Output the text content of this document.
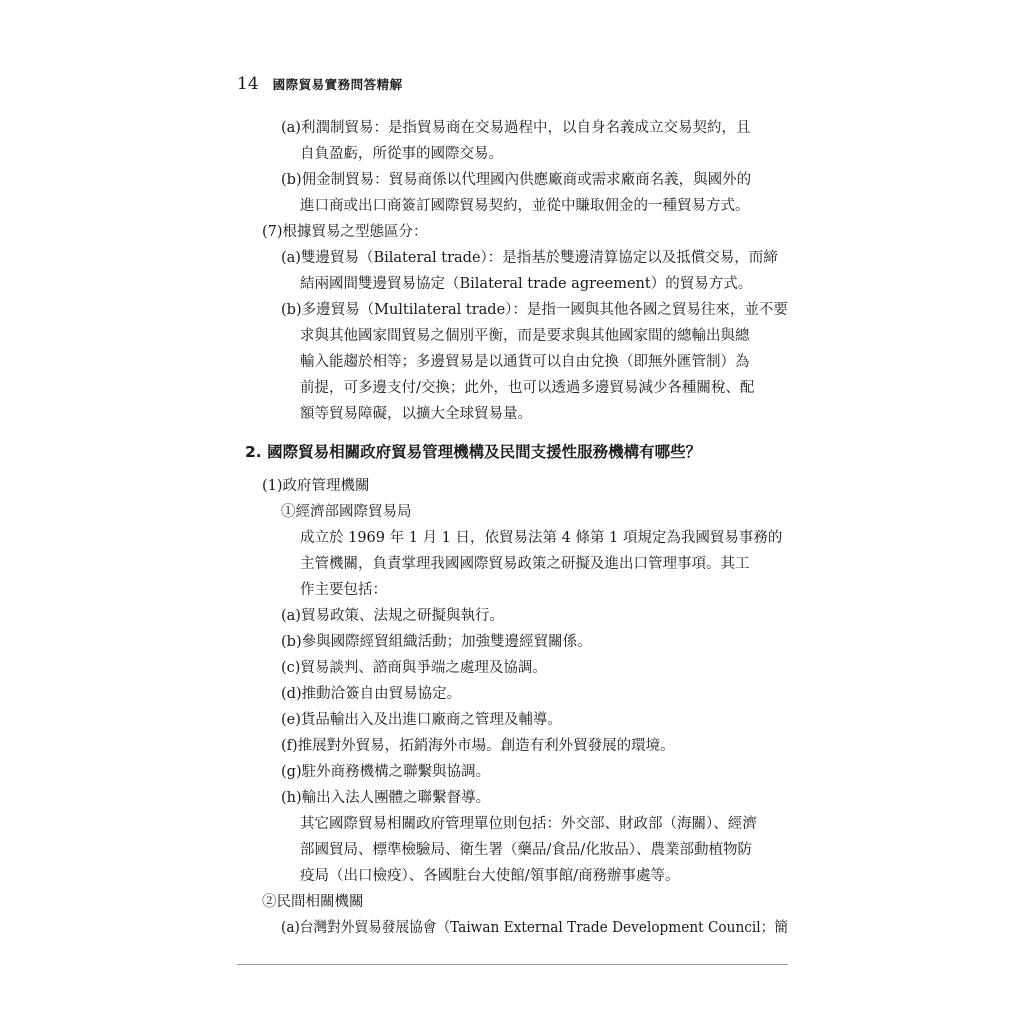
14 國際貿易實務問答精解
(a)利潤制貿易：是指貿易商在交易過程中，以自身名義成立交易契約，且
自負盈虧，所從事的國際交易。
(b)佣金制貿易：貿易商係以代理國內供應廠商或需求廠商名義，與國外的
進口商或出口商簽訂國際貿易契約，並從中賺取佣金的一種貿易方式。
(7)根據貿易之型態區分：
(a)雙邊貿易（Bilateral trade）：是指基於雙邊清算協定以及抵償交易，而締
結兩國間雙邊貿易協定（Bilateral trade agreement）的貿易方式。
(b)多邊貿易（Multilateral trade）：是指一國與其他各國之貿易往來，並不要
求與其他國家間貿易之個別平衡，而是要求與其他國家間的總輸出與總
輸入能趨於相等；多邊貿易是以通貨可以自由兌換（即無外匯管制）為
前提，可多邊支付/交換；此外，也可以透過多邊貿易減少各種關稅、配
額等貿易障礙，以擴大全球貿易量。
2. 國際貿易相關政府貿易管理機構及民間支援性服務機構有哪些？
(1)政府管理機關
①經濟部國際貿易局
成立於 1969 年 1 月 1 日，依貿易法第 4 條第 1 項規定為我國貿易事務的
主管機關，負責掌理我國國際貿易政策之研擬及進出口管理事項。其工
作主要包括：
(a)貿易政策、法規之研擬與執行。
(b)參與國際經貿組織活動；加強雙邊經貿關係。
(c)貿易談判、諮商與爭端之處理及協調。
(d)推動洽簽自由貿易協定。
(e)貨品輸出入及出進口廠商之管理及輔導。
(f)推展對外貿易，拓銷海外市場。創造有利外貿發展的環境。
(g)駐外商務機構之聯繫與協調。
(h)輸出入法人團體之聯繫督導。
其它國際貿易相關政府管理單位則包括：外交部、財政部（海關）、經濟
部國貿局、標準檢驗局、衛生署（藥品/食品/化妝品）、農業部動植物防
疫局（出口檢疫）、各國駐台大使館/領事館/商務辦事處等。
②民間相關機關
(a)台灣對外貿易發展協會（Taiwan External Trade Development Council；簡
